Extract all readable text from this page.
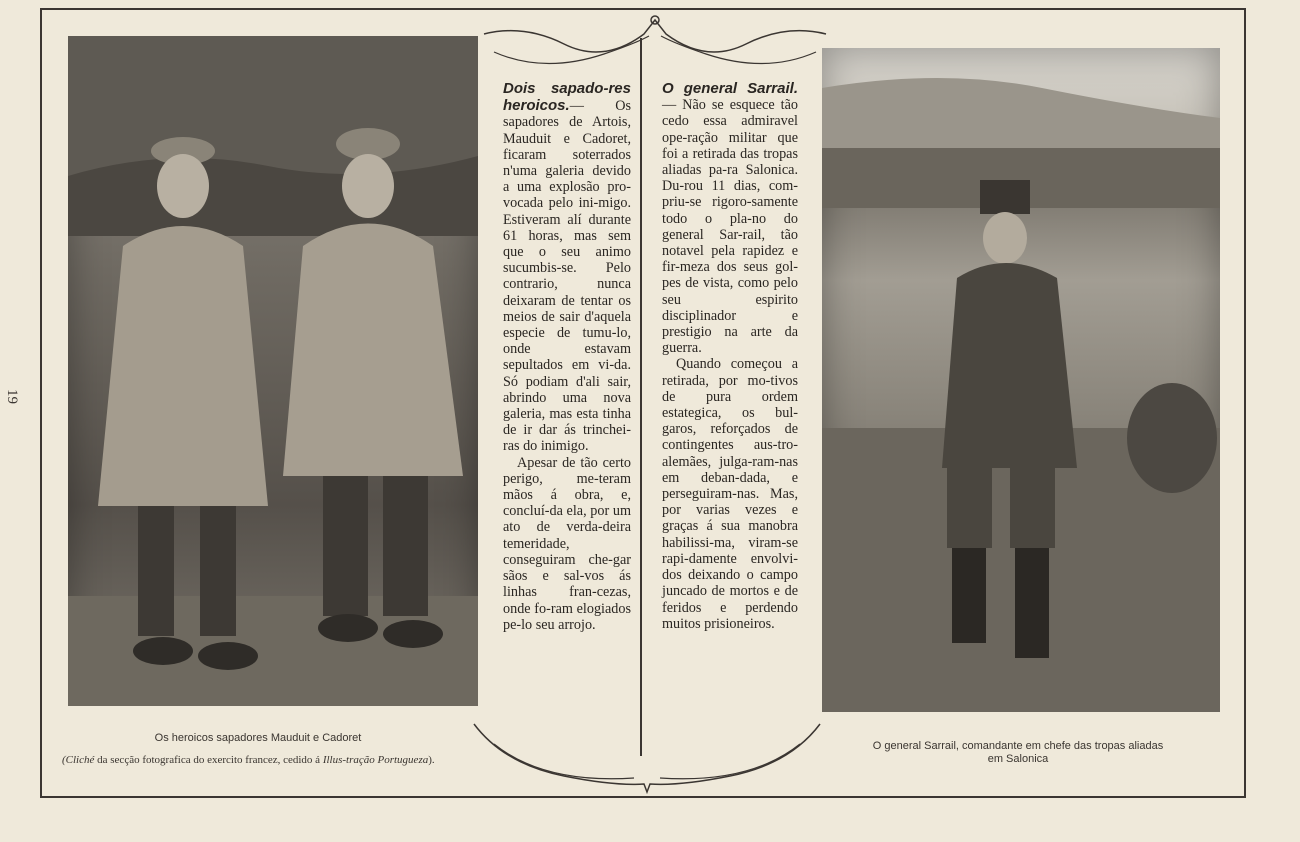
19
Os heroicos sapadores Mauduit e Cadoret
(Cliché da secção fotografica do exercito francez, cedido á Illus-tração Portugueza).
Dois sapado-res heroicos.— Os sapadores de Artois, Mauduit e Cadoret, ficaram soterrados n'uma galeria devido a uma explosão pro-vocada pelo ini-migo. Estiveram alí durante 61 horas, mas sem que o seu animo sucumbis-se. Pelo contrario, nunca deixaram de tentar os meios de sair d'aquela especie de tumu-lo, onde estavam sepultados em vi-da. Só podiam d'ali sair, abrindo uma nova galeria, mas esta tinha de ir dar ás trinchei-ras do inimigo.
Apesar de tão certo perigo, me-teram mãos á obra, e, concluí-da ela, por um ato de verda-deira temeridade, conseguiram che-gar sãos e sal-vos ás linhas fran-cezas, onde fo-ram elogiados pe-lo seu arrojo.
O general Sarrail.— Não se esquece tão cedo essa admiravel ope-ração militar que foi a retirada das tropas aliadas pa-ra Salonica. Du-rou 11 dias, com-priu-se rigoro-samente todo o pla-no do general Sar-rail, tão notavel pela rapidez e fir-meza dos seus gol-pes de vista, como pelo seu espirito disciplinador e prestigio na arte da guerra.
Quando começou a retirada, por mo-tivos de pura ordem estategica, os bul-garos, reforçados de contingentes aus-tro-alemães, julga-ram-nas em deban-dada, e perseguiram-nas. Mas, por varias vezes e graças á sua manobra habilissi-ma, viram-se rapi-damente envolvi-dos deixando o campo juncado de mortos e de feridos e perdendo muitos prisioneiros.
O general Sarrail, comandante em chefe das tropas aliadas
em Salonica
